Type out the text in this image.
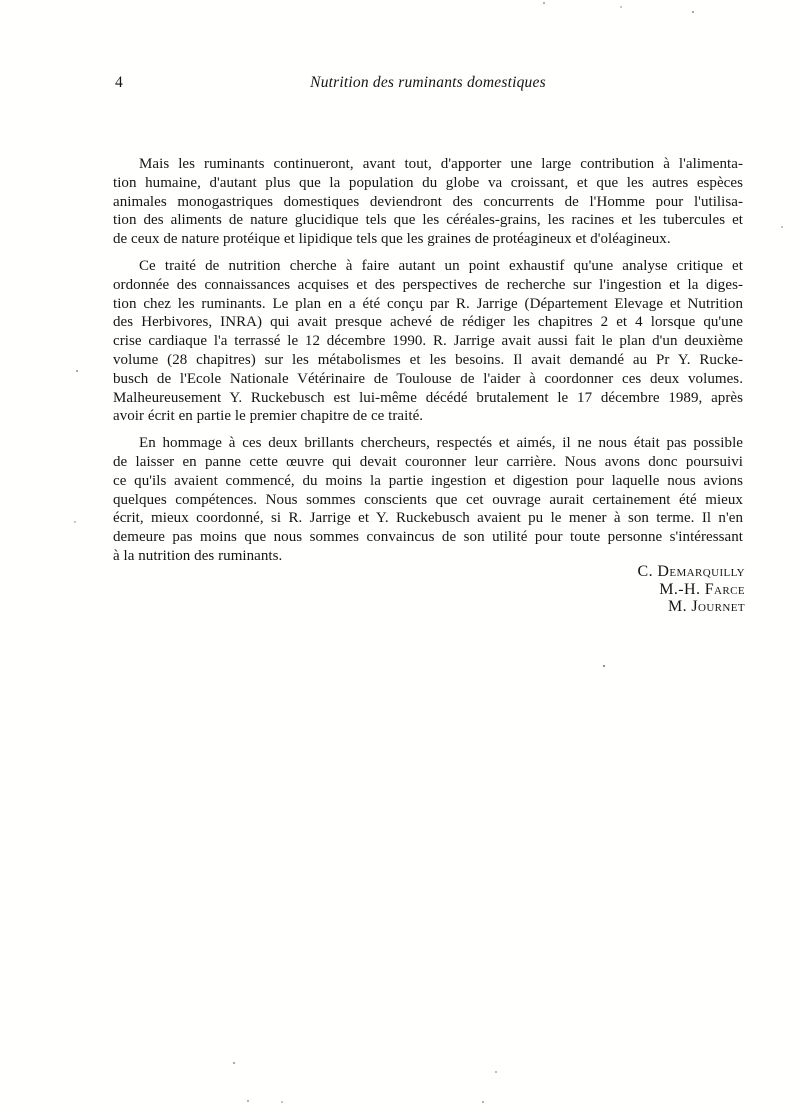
4	Nutrition des ruminants domestiques
Mais les ruminants continueront, avant tout, d'apporter une large contribution à l'alimenta-
tion humaine, d'autant plus que la population du globe va croissant, et que les autres espèces
animales monogastriques domestiques deviendront des concurrents de l'Homme pour l'utilisa-
tion des aliments de nature glucidique tels que les céréales-grains, les racines et les tubercules et
de ceux de nature protéique et lipidique tels que les graines de protéagineux et d'oléagineux.
Ce traité de nutrition cherche à faire autant un point exhaustif qu'une analyse critique et
ordonnée des connaissances acquises et des perspectives de recherche sur l'ingestion et la diges-
tion chez les ruminants. Le plan en a été conçu par R. Jarrige (Département Elevage et Nutrition
des Herbivores, INRA) qui avait presque achevé de rédiger les chapitres 2 et 4 lorsque qu'une
crise cardiaque l'a terrassé le 12 décembre 1990. R. Jarrige avait aussi fait le plan d'un deuxième
volume (28 chapitres) sur les métabolismes et les besoins. Il avait demandé au Pr Y. Rucke-
busch de l'Ecole Nationale Vétérinaire de Toulouse de l'aider à coordonner ces deux volumes.
Malheureusement Y. Ruckebusch est lui-même décédé brutalement le 17 décembre 1989, après
avoir écrit en partie le premier chapitre de ce traité.
En hommage à ces deux brillants chercheurs, respectés et aimés, il ne nous était pas possible
de laisser en panne cette œuvre qui devait couronner leur carrière. Nous avons donc poursuivi
ce qu'ils avaient commencé, du moins la partie ingestion et digestion pour laquelle nous avions
quelques compétences. Nous sommes conscients que cet ouvrage aurait certainement été mieux
écrit, mieux coordonné, si R. Jarrige et Y. Ruckebusch avaient pu le mener à son terme. Il n'en
demeure pas moins que nous sommes convaincus de son utilité pour toute personne s'intéressant
à la nutrition des ruminants.
C. Demarquilly
M.-H. Farce
M. Journet
